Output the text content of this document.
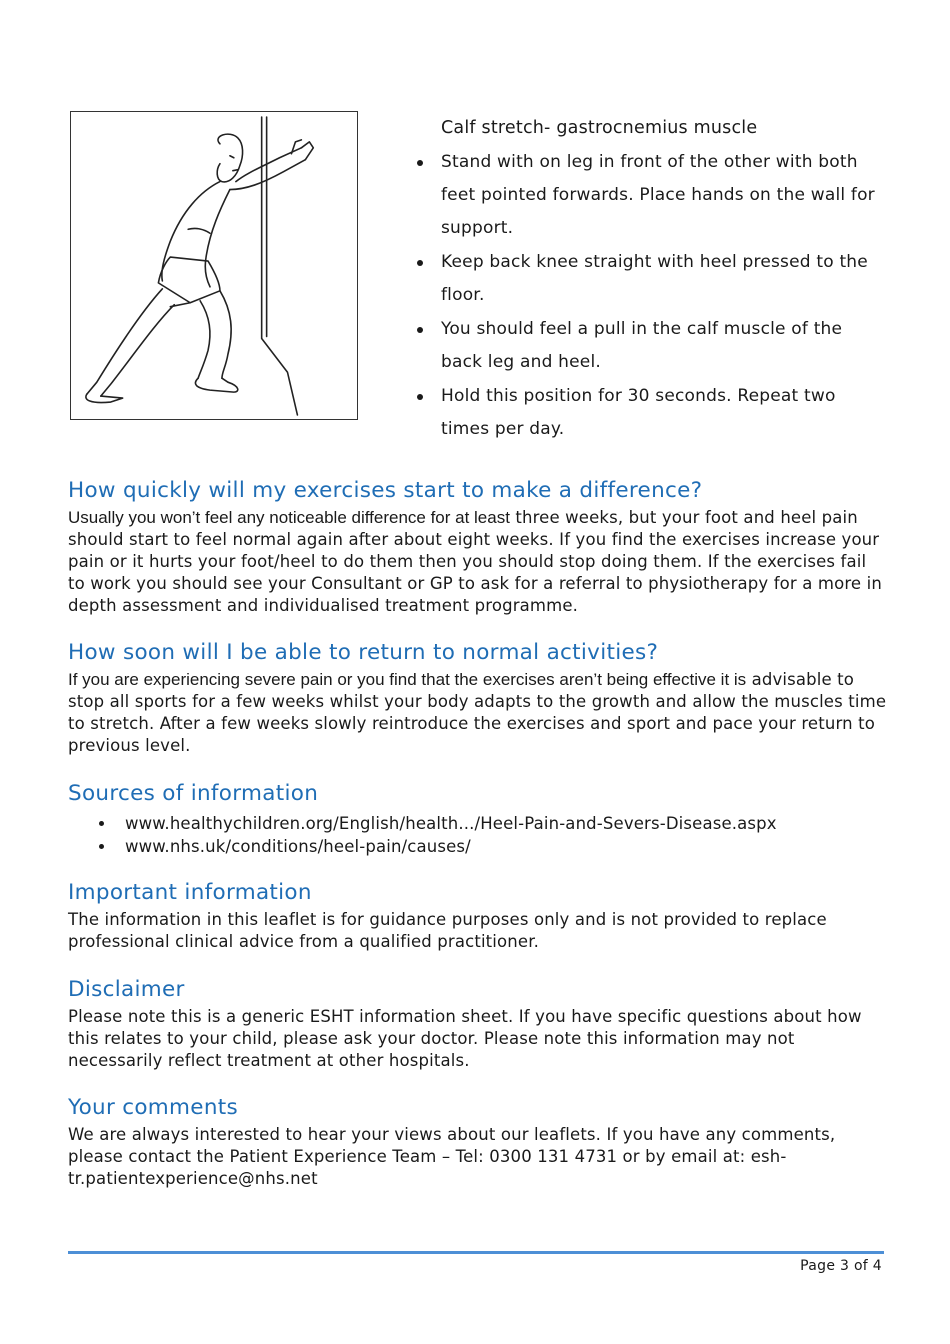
Calf stretch- gastrocnemius muscle
Stand with on leg in front of the other with both feet pointed forwards. Place hands on the wall for support.
Keep back knee straight with heel pressed to the floor.
You should feel a pull in the calf muscle of the back leg and heel.
Hold this position for 30 seconds. Repeat two times per day.
How quickly will my exercises start to make a difference?

Usually you won’t feel any noticeable difference for at least three weeks, but your foot and heel pain should start to feel normal again after about eight weeks. If you find the exercises increase your pain or it hurts your foot/heel to do them then you should stop doing them. If the exercises fail to work you should see your Consultant or GP to ask for a referral to physiotherapy for a more in depth assessment and individualised treatment programme.

How soon will I be able to return to normal activities?

If you are experiencing severe pain or you find that the exercises aren’t being effective it is advisable to stop all sports for a few weeks whilst your body adapts to the growth and allow the muscles time to stretch. After a few weeks slowly reintroduce the exercises and sport and pace your return to previous level.

Sources of information
www.healthychildren.org/English/health.../Heel-Pain-and-Severs-Disease.aspx
www.nhs.uk/conditions/heel-pain/causes/
Important information

The information in this leaflet is for guidance purposes only and is not provided to replace professional clinical advice from a qualified practitioner.

Disclaimer

Please note this is a generic ESHT information sheet. If you have specific questions about how this relates to your child, please ask your doctor. Please note this information may not necessarily reflect treatment at other hospitals.

Your comments

We are always interested to hear your views about our leaflets. If you have any comments, please contact the Patient Experience Team – Tel: 0300 131 4731 or by email at: esh-tr.patientexperience@nhs.net

Page 3 of 4
